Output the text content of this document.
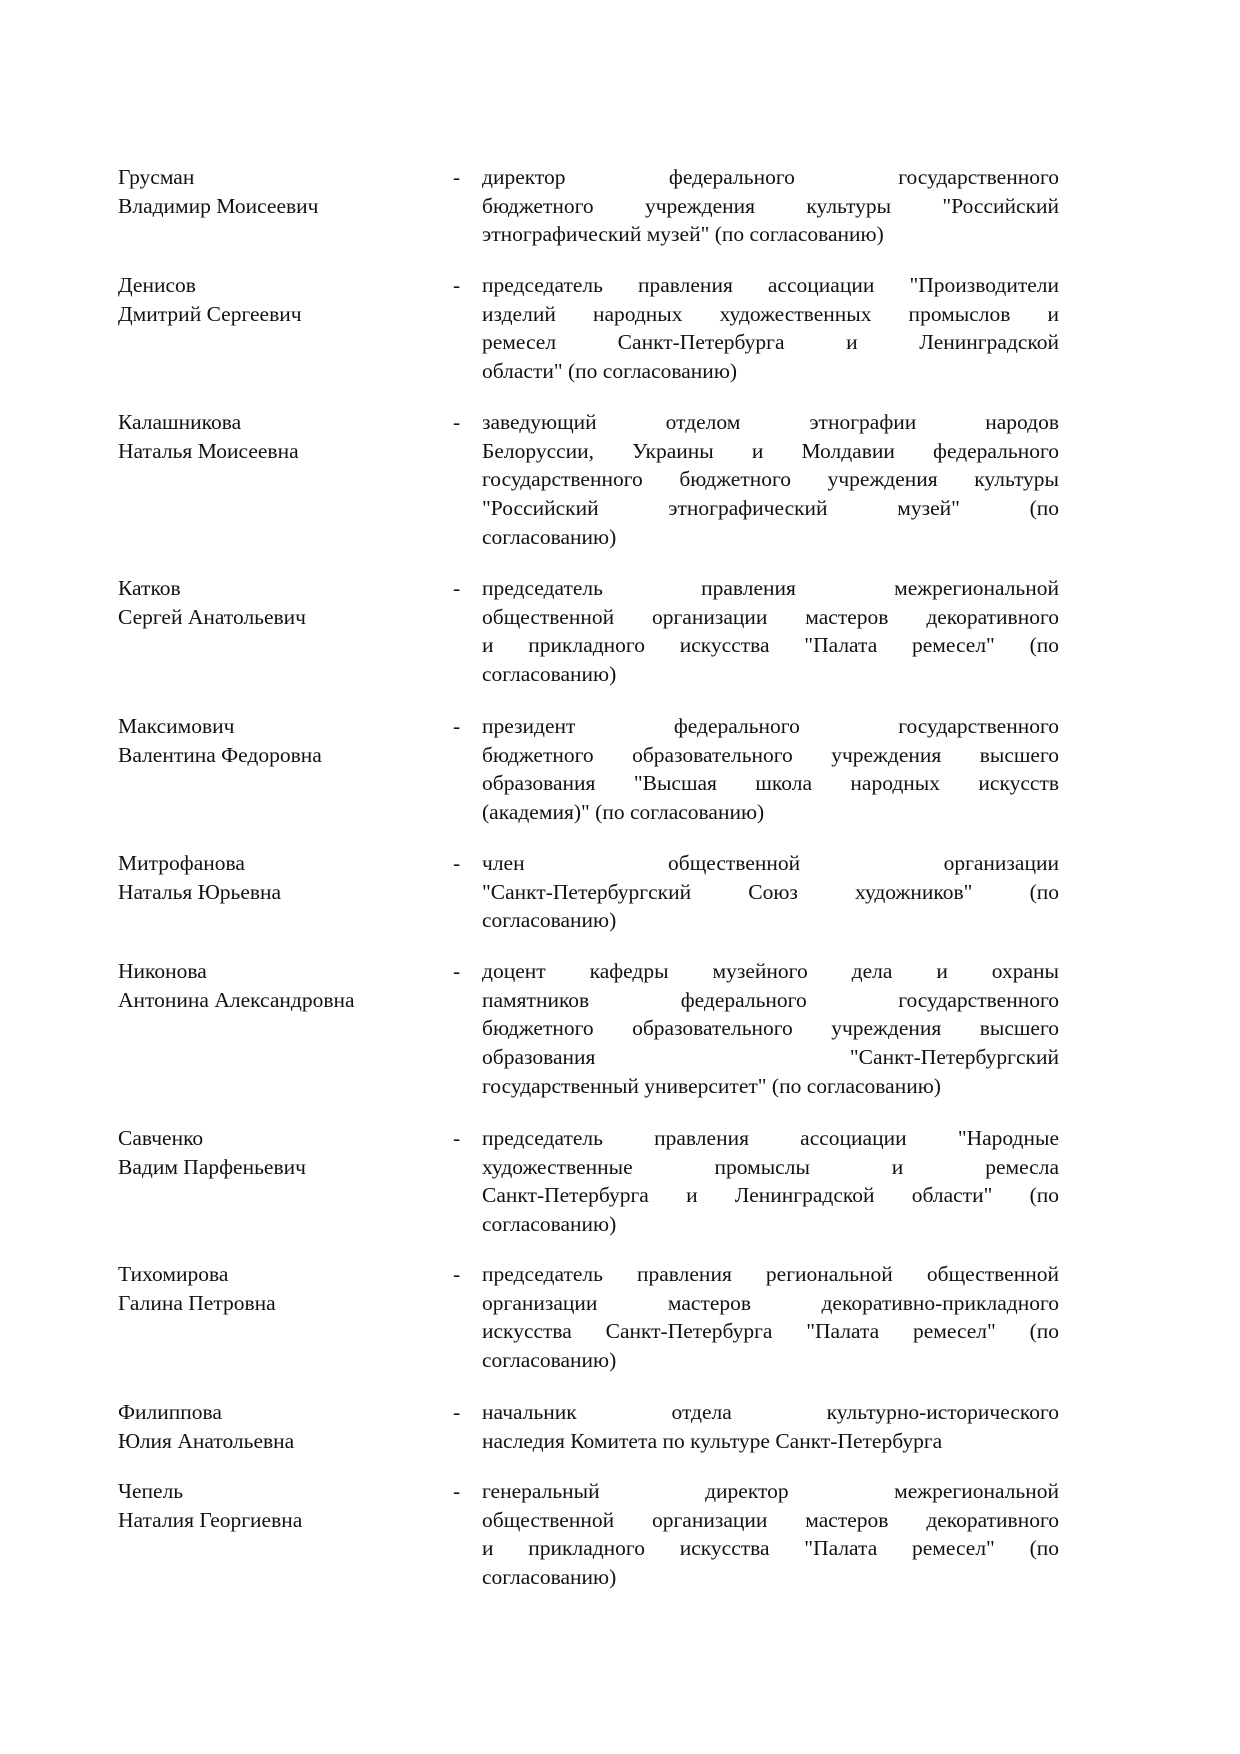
Грусман
Владимир Моисеевич
- директор федерального государственного
бюджетного учреждения культуры "Российский
этнографический музей" (по согласованию)
Денисов
Дмитрий Сергеевич
- председатель правления ассоциации "Производители
изделий народных художественных промыслов и
ремесел Санкт-Петербурга и Ленинградской
области" (по согласованию)
Калашникова
Наталья Моисеевна
- заведующий отделом этнографии народов
Белоруссии, Украины и Молдавии федерального
государственного бюджетного учреждения культуры
"Российский этнографический музей" (по
согласованию)
Катков
Сергей Анатольевич
- председатель правления межрегиональной
общественной организации мастеров декоративного
и прикладного искусства "Палата ремесел" (по
согласованию)
Максимович
Валентина Федоровна
- президент федерального государственного
бюджетного образовательного учреждения высшего
образования "Высшая школа народных искусств
(академия)" (по согласованию)
Митрофанова
Наталья Юрьевна
- член общественной организации
"Санкт-Петербургский Союз художников" (по
согласованию)
Никонова
Антонина Александровна
- доцент кафедры музейного дела и охраны
памятников федерального государственного
бюджетного образовательного учреждения высшего
образования "Санкт-Петербургский
государственный университет" (по согласованию)
Савченко
Вадим Парфеньевич
- председатель правления ассоциации "Народные
художественные промыслы и ремесла
Санкт-Петербурга и Ленинградской области" (по
согласованию)
Тихомирова
Галина Петровна
- председатель правления региональной общественной
организации мастеров декоративно-прикладного
искусства Санкт-Петербурга "Палата ремесел" (по
согласованию)
Филиппова
Юлия Анатольевна
- начальник отдела культурно-исторического
наследия Комитета по культуре Санкт-Петербурга
Чепель
Наталия Георгиевна
- генеральный директор межрегиональной
общественной организации мастеров декоративного
и прикладного искусства "Палата ремесел" (по
согласованию)
